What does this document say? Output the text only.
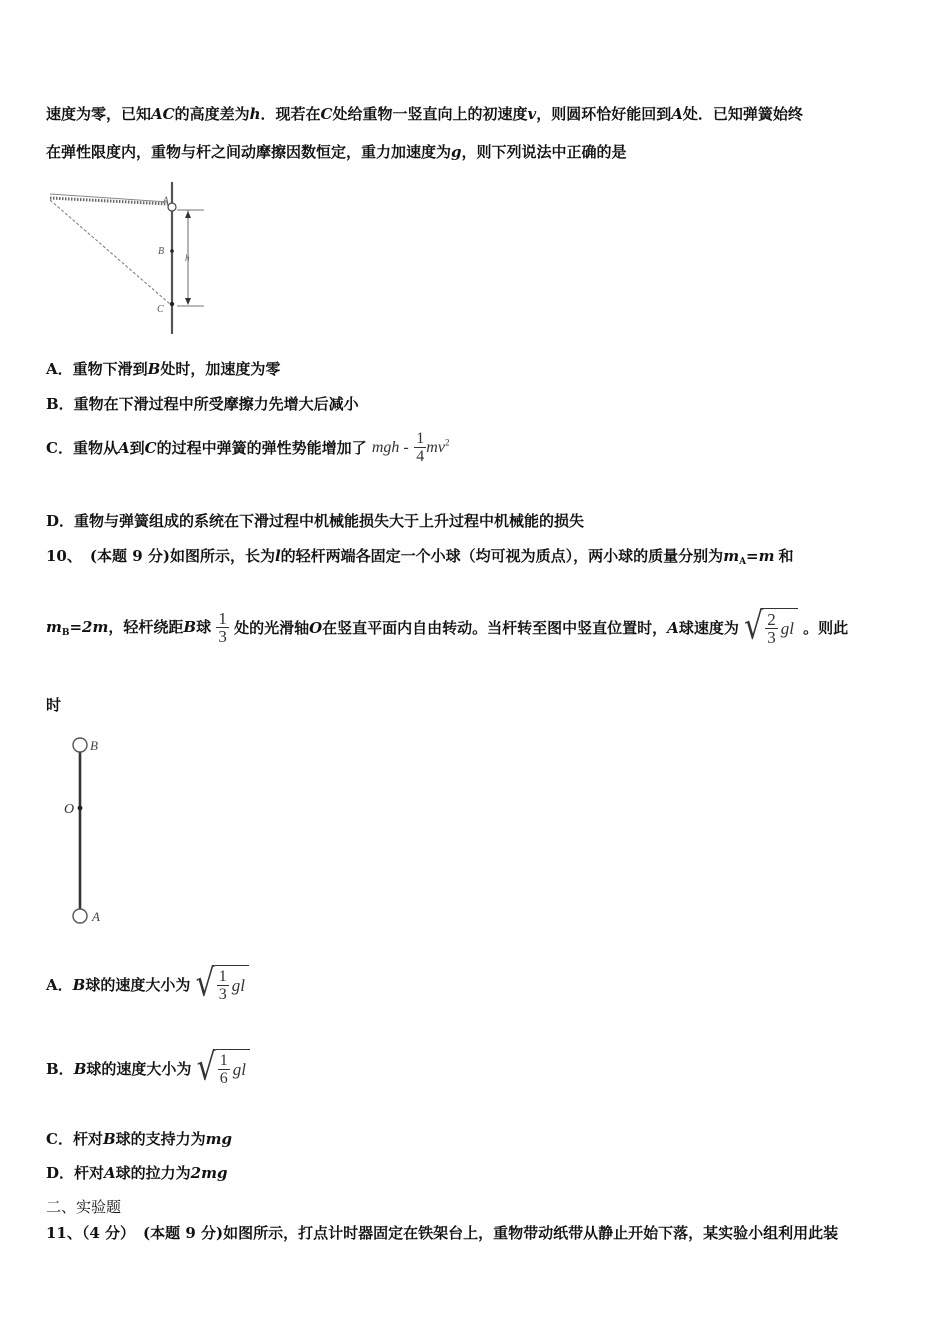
速度为零，已知AC的高度差为h．现若在C处给重物一竖直向上的初速度v，则圆环恰好能回到A处．已知弹簧始终
在弹性限度内，重物与杆之间动摩擦因数恒定，重力加速度为g，则下列说法中正确的是
A
B
C
h
A．重物下滑到B处时，加速度为零
B．重物在下滑过程中所受摩擦力先增大后减小
C．重物从A到C的过程中弹簧的弹性势能增加了 mgh - $\frac{1}{4} mv^2$
D．重物与弹簧组成的系统在下滑过程中机械能损失大于上升过程中机械能的损失
10、 (本题 9 分)如图所示，长为l的轻杆两端各固定一个小球（均可视为质点），两小球的质量分别为$m_A=m$ 和
$m_B=2m$，轻杆绕距B球 $\frac{1}{3}$ 处的光滑轴O在竖直平面内自由转动。当杆转至图中竖直位置时，A球速度为 √ $\frac{2}{3}$ gl 。则此
时
B
O
A
A．B球的速度大小为 √ $\frac{1}{3}$ gl
B．B球的速度大小为 √ $\frac{1}{6}$ gl
C．杆对B球的支持力为mg
D．杆对A球的拉力为2mg
二、实验题
11、（4 分） (本题 9 分)如图所示，打点计时器固定在铁架台上，重物带动纸带从静止开始下落，某实验小组利用此装
